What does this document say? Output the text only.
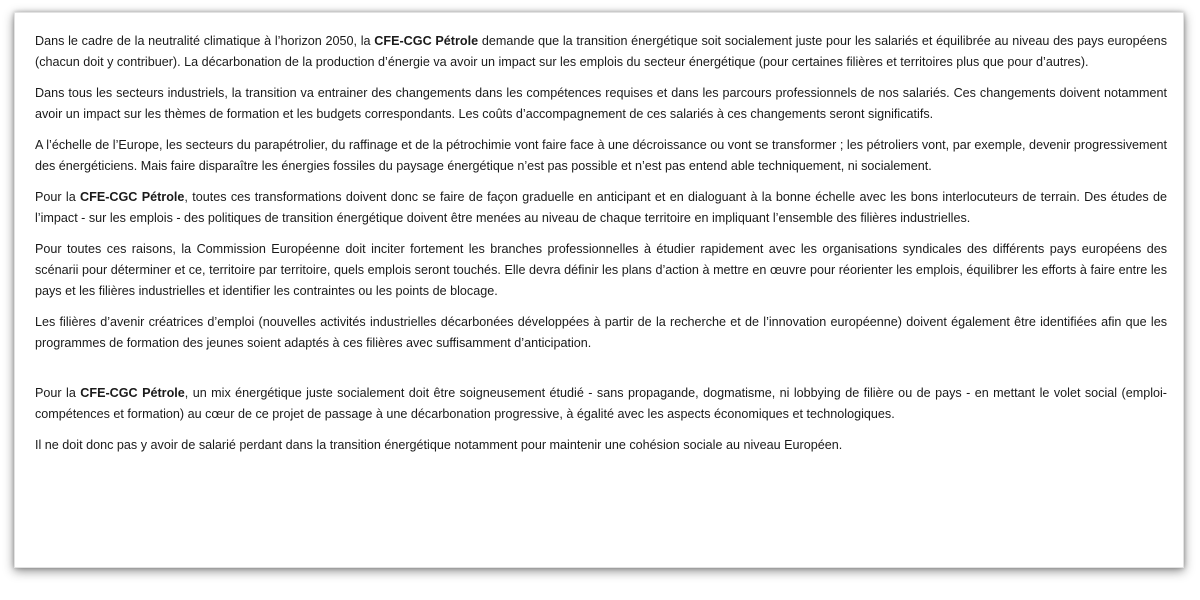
Dans le cadre de la neutralité climatique à l’horizon 2050, la CFE-CGC Pétrole demande que la transition énergétique soit socialement juste pour les salariés et équilibrée au niveau des pays européens (chacun doit y contribuer). La décarbonation de la production d’énergie va avoir un impact sur les emplois du secteur énergétique (pour certaines filières et territoires plus que pour d’autres).

Dans tous les secteurs industriels, la transition va entrainer des changements dans les compétences requises et dans les parcours professionnels de nos salariés. Ces changements doivent notamment avoir un impact sur les thèmes de formation et les budgets correspondants. Les coûts d’accompagnement de ces salariés à ces changements seront significatifs.

A l’échelle de l’Europe, les secteurs du parapétrolier, du raffinage et de la pétrochimie vont faire face à une décroissance ou vont se transformer ; les pétroliers vont, par exemple, devenir progressivement des énergéticiens. Mais faire disparaître les énergies fossiles du paysage énergétique n’est pas possible et n’est pas entend able techniquement, ni socialement.

Pour la CFE-CGC Pétrole, toutes ces transformations doivent donc se faire de façon graduelle en anticipant et en dialoguant à la bonne échelle avec les bons interlocuteurs de terrain. Des études de l’impact - sur les emplois - des politiques de transition énergétique doivent être menées au niveau de chaque territoire en impliquant l’ensemble des filières industrielles.

Pour toutes ces raisons, la Commission Européenne doit inciter fortement les branches professionnelles à étudier rapidement avec les organisations syndicales des différents pays européens des scénarii pour déterminer et ce, territoire par territoire, quels emplois seront touchés. Elle devra définir les plans d’action à mettre en œuvre pour réorienter les emplois, équilibrer les efforts à faire entre les pays et les filières industrielles et identifier les contraintes ou les points de blocage.

Les filières d’avenir créatrices d’emploi (nouvelles activités industrielles décarbonées développées à partir de la recherche et de l’innovation européenne) doivent également être identifiées afin que les programmes de formation des jeunes soient adaptés à ces filières avec suffisamment d’anticipation.

Pour la CFE-CGC Pétrole, un mix énergétique juste socialement doit être soigneusement étudié - sans propagande, dogmatisme, ni lobbying de filière ou de pays - en mettant le volet social (emploi-compétences et formation) au cœur de ce projet de passage à une décarbonation progressive, à égalité avec les aspects économiques et technologiques.

Il ne doit donc pas y avoir de salarié perdant dans la transition énergétique notamment pour maintenir une cohésion sociale au niveau Européen.
